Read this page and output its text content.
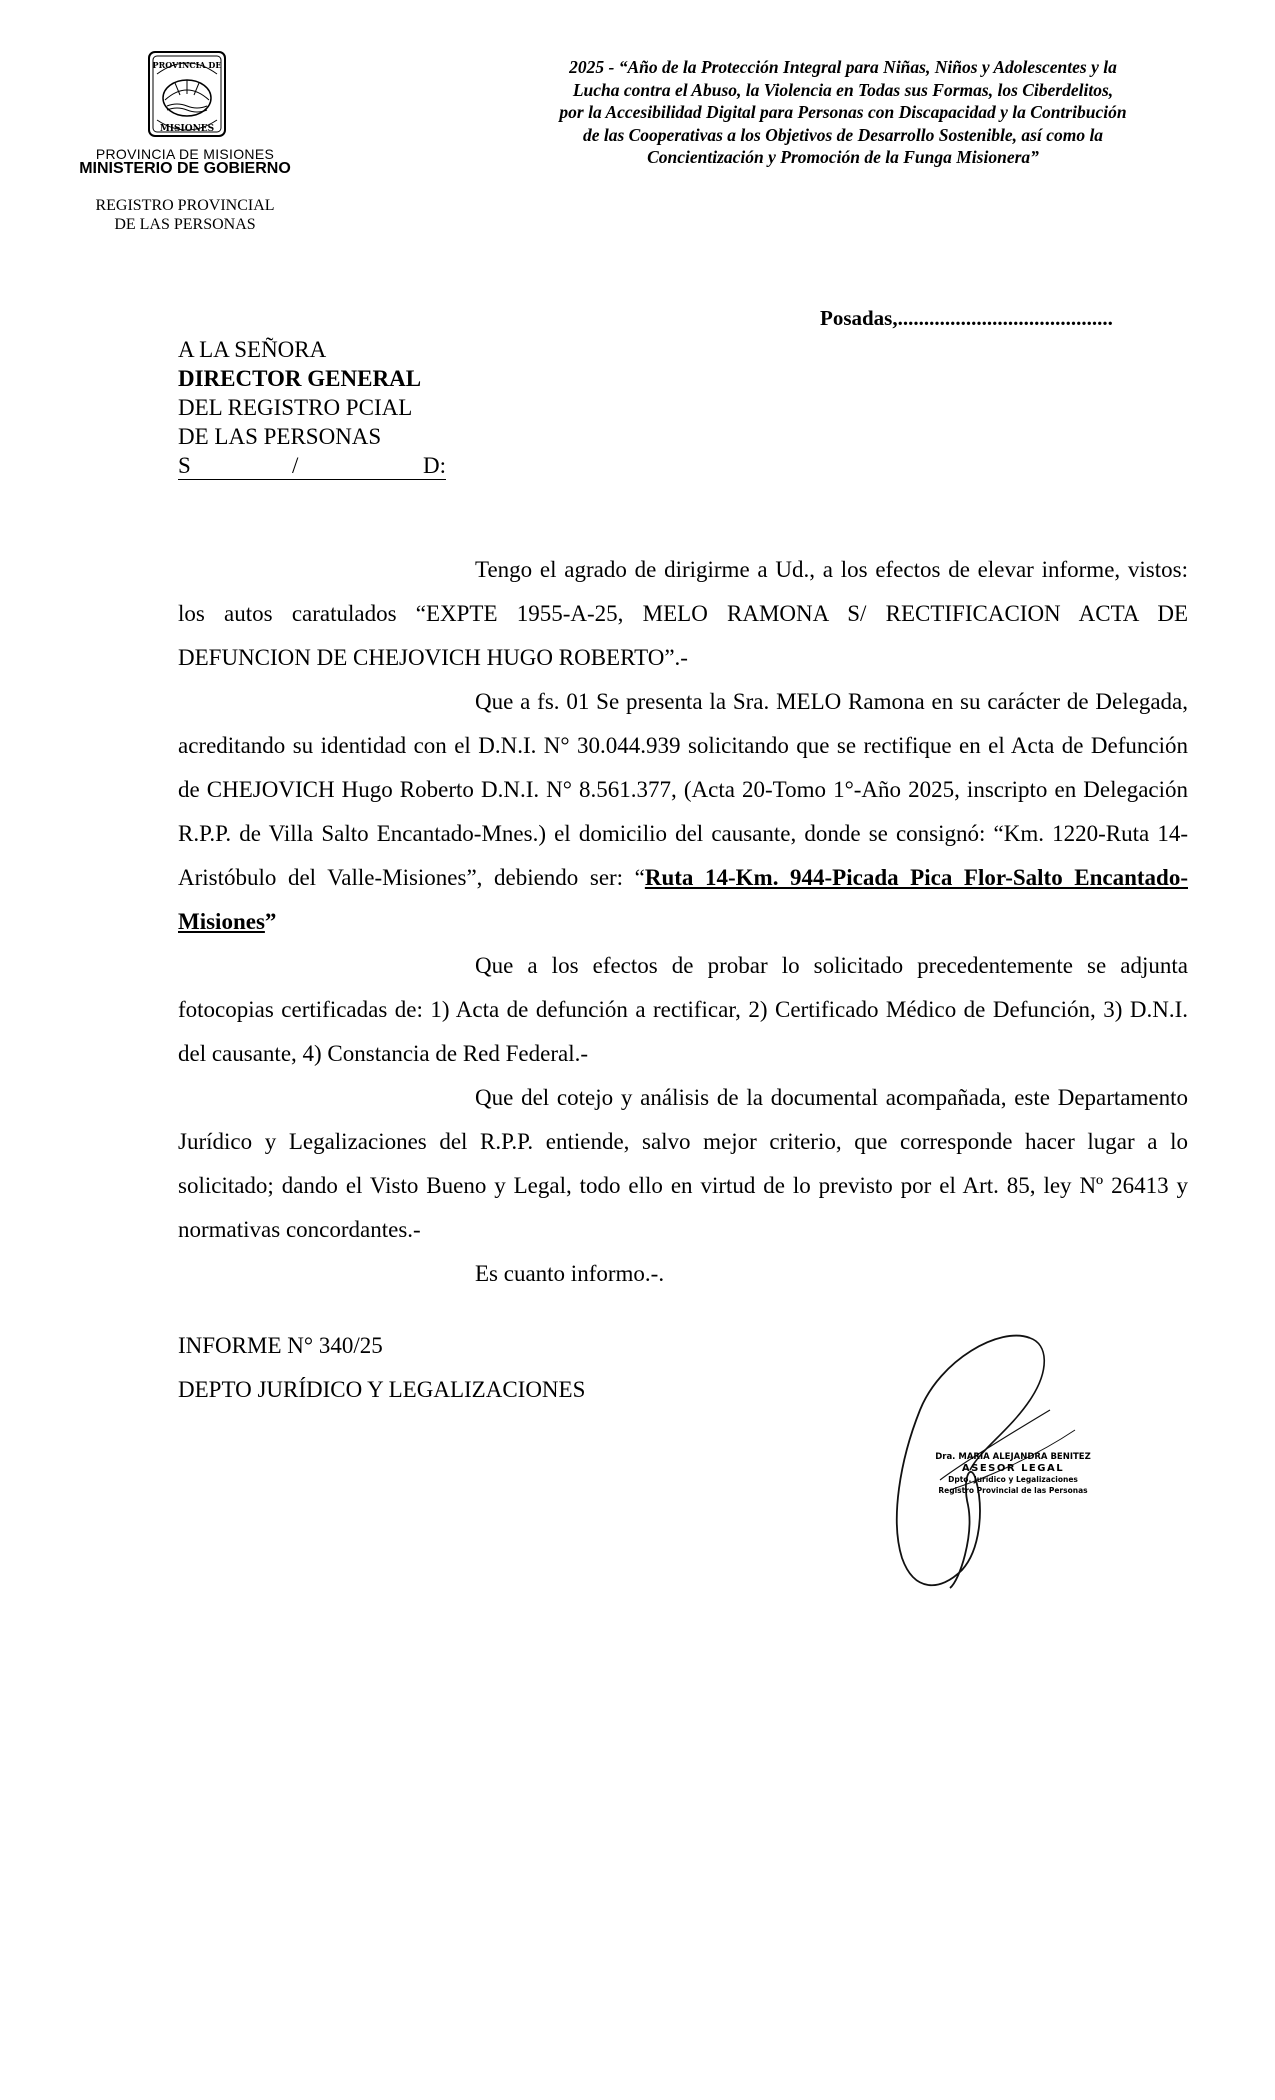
PROVINCIA DE
MISIONES
PROVINCIA DE MISIONES
MINISTERIO DE GOBIERNO
REGISTRO PROVINCIAL
DE LAS PERSONAS
2025 - “Año de la Protección Integral para Niñas, Niños y Adolescentes y la
Lucha contra el Abuso, la Violencia en Todas sus Formas, los Ciberdelitos,
por la Accesibilidad Digital para Personas con Discapacidad y la Contribución
de las Cooperativas a los Objetivos de Desarrollo Sostenible, así como la
Concientización y Promoción de la Funga Misionera”
Posadas,.........................................
A LA SEÑORA
DIRECTOR GENERAL
DEL REGISTRO PCIAL
DE LAS PERSONAS
S	/	D:

Tengo el agrado de dirigirme a Ud., a los efectos de elevar informe, vistos: los autos caratulados “EXPTE 1955-A-25, MELO RAMONA S/ RECTIFICACION ACTA DE DEFUNCION DE CHEJOVICH HUGO ROBERTO”.-

Que a fs. 01 Se presenta la Sra. MELO Ramona en su carácter de Delegada, acreditando su identidad con el D.N.I. N° 30.044.939 solicitando que se rectifique en el Acta de Defunción de CHEJOVICH Hugo Roberto D.N.I. N° 8.561.377, (Acta 20-Tomo 1°-Año 2025, inscripto en Delegación R.P.P. de Villa Salto Encantado-Mnes.) el domicilio del causante, donde se consignó: “Km. 1220-Ruta 14-Aristóbulo del Valle-Misiones”, debiendo ser: “Ruta 14-Km. 944-Picada Pica Flor-Salto Encantado-Misiones”

Que a los efectos de probar lo solicitado precedentemente se adjunta fotocopias certificadas de: 1) Acta de defunción a rectificar, 2) Certificado Médico de Defunción, 3) D.N.I. del causante, 4) Constancia de Red Federal.-

Que del cotejo y análisis de la documental acompañada, este Departamento Jurídico y Legalizaciones del R.P.P. entiende, salvo mejor criterio, que corresponde hacer lugar a lo solicitado; dando el Visto Bueno y Legal, todo ello en virtud de lo previsto por el Art. 85, ley Nº 26413 y normativas concordantes.-

Es cuanto informo.-.

INFORME N° 340/25
DEPTO JURÍDICO Y LEGALIZACIONES
Dra. MARIA ALEJANDRA BENITEZ
ASESOR LEGAL
Dpto. Jurídico y Legalizaciones
Registro Provincial de las Personas
